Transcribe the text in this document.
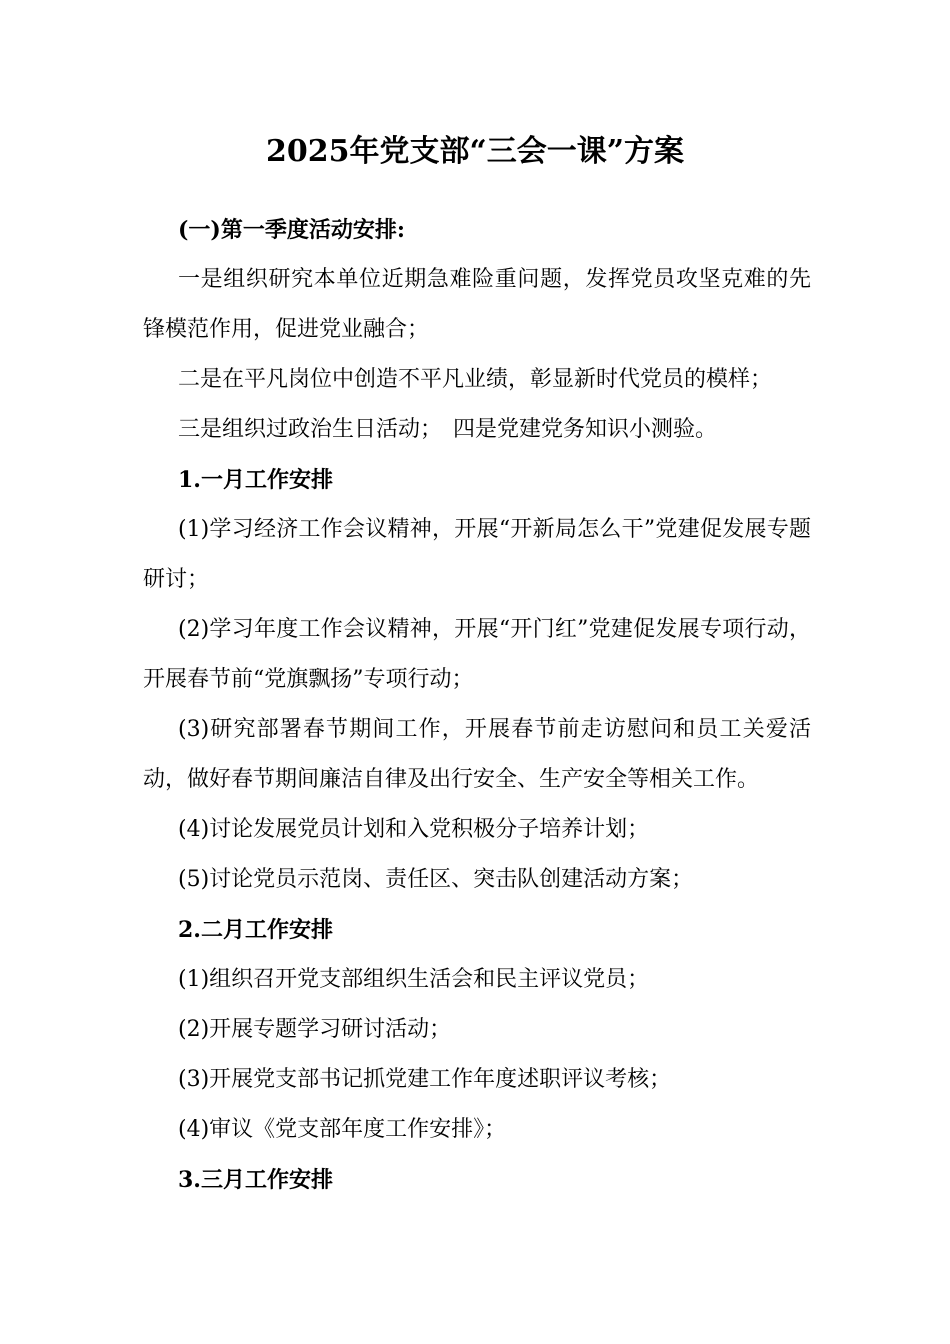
2025年党支部“三会一课”方案

(一)第一季度活动安排:

一是组织研究本单位近期急难险重问题，发挥党员攻坚克难的先锋模范作用，促进党业融合；

二是在平凡岗位中创造不平凡业绩，彰显新时代党员的模样；

三是组织过政治生日活动；　四是党建党务知识小测验。

1.一月工作安排

(1)学习经济工作会议精神，开展“开新局怎么干”党建促发展专题研讨；

(2)学习年度工作会议精神，开展“开门红”党建促发展专项行动，开展春节前“党旗飘扬”专项行动；

(3)研究部署春节期间工作，开展春节前走访慰问和员工关爱活动，做好春节期间廉洁自律及出行安全、生产安全等相关工作。

(4)讨论发展党员计划和入党积极分子培养计划；

(5)讨论党员示范岗、责任区、突击队创建活动方案；

2.二月工作安排

(1)组织召开党支部组织生活会和民主评议党员；

(2)开展专题学习研讨活动；

(3)开展党支部书记抓党建工作年度述职评议考核；

(4)审议《党支部年度工作安排》；

3.三月工作安排
